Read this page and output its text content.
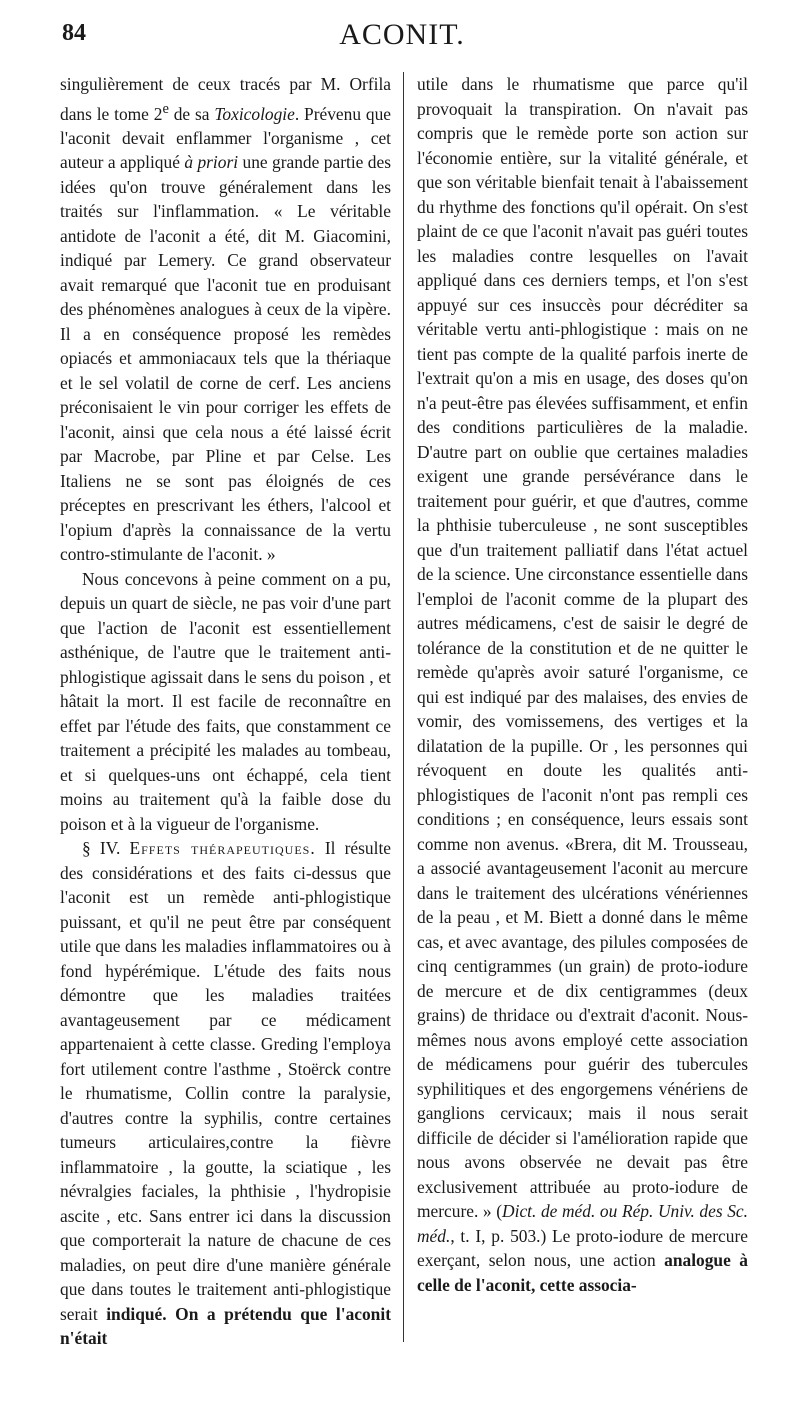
84	ACONIT.

singulièrement de ceux tracés par M. Orfila dans le tome 2e de sa Toxicologie. Prévenu que l'aconit devait enflammer l'organisme , cet auteur a appliqué à priori une grande partie des idées qu'on trouve généralement dans les traités sur l'inflammation. « Le véritable antidote de l'aconit a été, dit M. Giacomini, indiqué par Lemery. Ce grand observateur avait remarqué que l'aconit tue en produisant des phénomènes analogues à ceux de la vipère. Il a en conséquence proposé les remèdes opiacés et ammoniacaux tels que la thériaque et le sel volatil de corne de cerf. Les anciens préconisaient le vin pour corriger les effets de l'aconit, ainsi que cela nous a été laissé écrit par Macrobe, par Pline et par Celse. Les Italiens ne se sont pas éloignés de ces préceptes en prescrivant les éthers, l'alcool et l'opium d'après la connaissance de la vertu contro-stimulante de l'aconit. »

Nous concevons à peine comment on a pu, depuis un quart de siècle, ne pas voir d'une part que l'action de l'aconit est essentiellement asthénique, de l'autre que le traitement anti-phlogistique agissait dans le sens du poison , et hâtait la mort. Il est facile de reconnaître en effet par l'étude des faits, que constamment ce traitement a précipité les malades au tombeau, et si quelques-uns ont échappé, cela tient moins au traitement qu'à la faible dose du poison et à la vigueur de l'organisme.

§ IV. Effets thérapeutiques. Il résulte des considérations et des faits ci-dessus que l'aconit est un remède anti-phlogistique puissant, et qu'il ne peut être par conséquent utile que dans les maladies inflammatoires ou à fond hypérémique. L'étude des faits nous démontre que les maladies traitées avantageusement par ce médicament appartenaient à cette classe. Greding l'employa fort utilement contre l'asthme , Stoërck contre le rhumatisme, Collin contre la paralysie, d'autres contre la syphilis, contre certaines tumeurs articulaires,contre la fièvre inflammatoire , la goutte, la sciatique , les névralgies faciales, la phthisie , l'hydropisie ascite , etc. Sans entrer ici dans la discussion que comporterait la nature de chacune de ces maladies, on peut dire d'une manière générale que dans toutes le traitement anti-phlogistique serait indiqué. On a prétendu que l'aconit n'était

utile dans le rhumatisme que parce qu'il provoquait la transpiration. On n'avait pas compris que le remède porte son action sur l'économie entière, sur la vitalité générale, et que son véritable bienfait tenait à l'abaissement du rhythme des fonctions qu'il opérait. On s'est plaint de ce que l'aconit n'avait pas guéri toutes les maladies contre lesquelles on l'avait appliqué dans ces derniers temps, et l'on s'est appuyé sur ces insuccès pour décréditer sa véritable vertu anti-phlogistique : mais on ne tient pas compte de la qualité parfois inerte de l'extrait qu'on a mis en usage, des doses qu'on n'a peut-être pas élevées suffisamment, et enfin des conditions particulières de la maladie. D'autre part on oublie que certaines maladies exigent une grande persévérance dans le traitement pour guérir, et que d'autres, comme la phthisie tuberculeuse , ne sont susceptibles que d'un traitement palliatif dans l'état actuel de la science. Une circonstance essentielle dans l'emploi de l'aconit comme de la plupart des autres médicamens, c'est de saisir le degré de tolérance de la constitution et de ne quitter le remède qu'après avoir saturé l'organisme, ce qui est indiqué par des malaises, des envies de vomir, des vomissemens, des vertiges et la dilatation de la pupille. Or , les personnes qui révoquent en doute les qualités anti-phlogistiques de l'aconit n'ont pas rempli ces conditions ; en conséquence, leurs essais sont comme non avenus. «Brera, dit M. Trousseau, a associé avantageusement l'aconit au mercure dans le traitement des ulcérations vénériennes de la peau , et M. Biett a donné dans le même cas, et avec avantage, des pilules composées de cinq centigrammes (un grain) de proto-iodure de mercure et de dix centigrammes (deux grains) de thridace ou d'extrait d'aconit. Nous-mêmes nous avons employé cette association de médicamens pour guérir des tubercules syphilitiques et des engorgemens vénériens de ganglions cervicaux; mais il nous serait difficile de décider si l'amélioration rapide que nous avons observée ne devait pas être exclusivement attribuée au proto-iodure de mercure. » (Dict. de méd. ou Rép. Univ. des Sc. méd., t. I, p. 503.) Le proto-iodure de mercure exerçant, selon nous, une action analogue à celle de l'aconit, cette associa-
